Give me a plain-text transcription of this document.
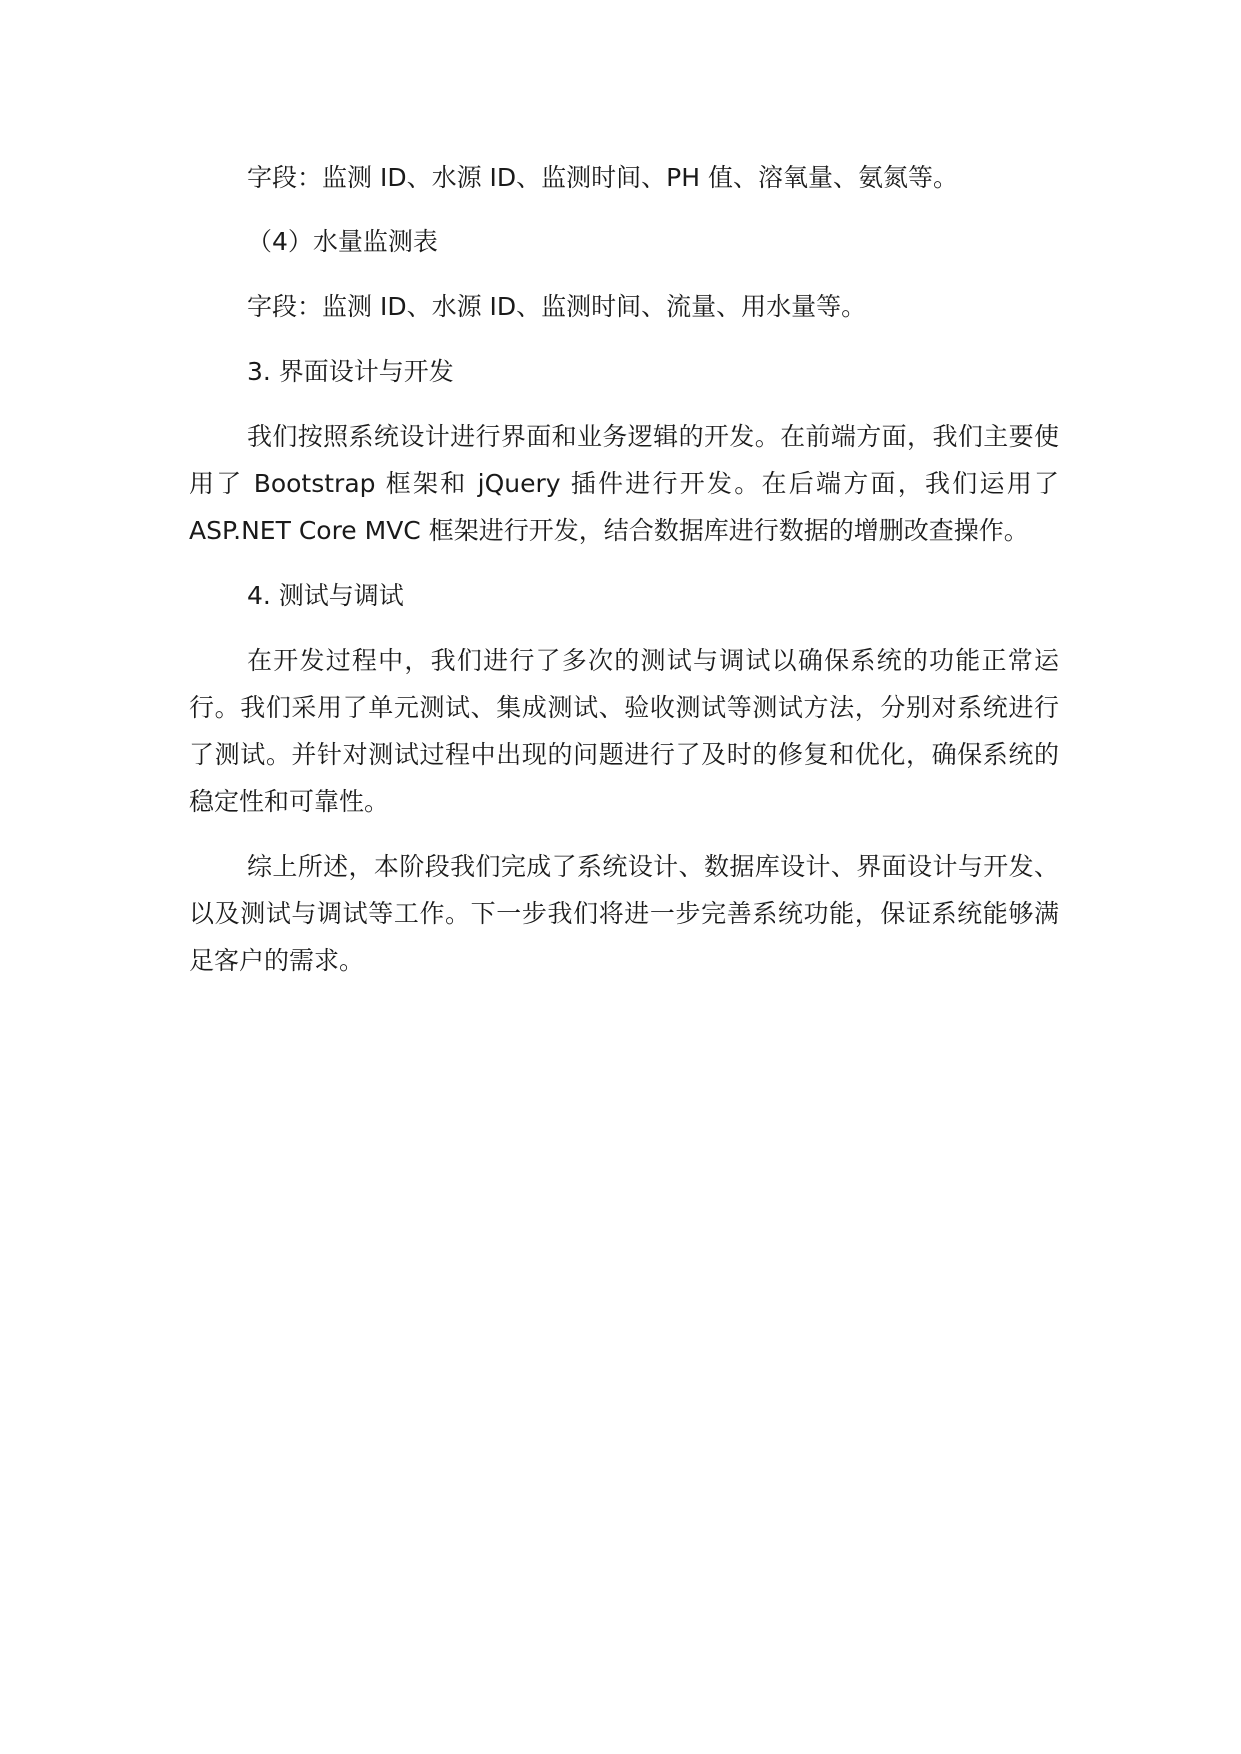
字段：监测 ID、水源 ID、监测时间、PH 值、溶氧量、氨氮等。

（4）水量监测表

字段：监测 ID、水源 ID、监测时间、流量、用水量等。

3. 界面设计与开发

我们按照系统设计进行界面和业务逻辑的开发。在前端方面，我们主要使用了 Bootstrap 框架和 jQuery 插件进行开发。在后端方面，我们运用了 ASP.NET Core MVC 框架进行开发，结合数据库进行数据的增删改查操作。

4. 测试与调试

在开发过程中，我们进行了多次的测试与调试以确保系统的功能正常运行。我们采用了单元测试、集成测试、验收测试等测试方法，分别对系统进行了测试。并针对测试过程中出现的问题进行了及时的修复和优化，确保系统的稳定性和可靠性。

综上所述，本阶段我们完成了系统设计、数据库设计、界面设计与开发、以及测试与调试等工作。下一步我们将进一步完善系统功能，保证系统能够满足客户的需求。
